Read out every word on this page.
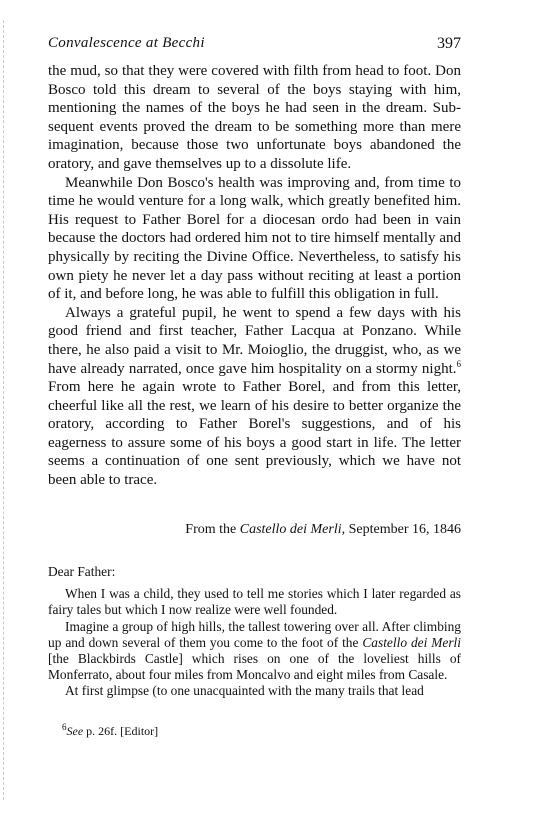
Convalescence at Becchi	397

the mud, so that they were covered with filth from head to foot. Don Bosco told this dream to several of the boys staying with him, mentioning the names of the boys he had seen in the dream. Sub-sequent events proved the dream to be something more than mere imagination, because those two unfortunate boys abandoned the oratory, and gave themselves up to a dissolute life.

Meanwhile Don Bosco's health was improving and, from time to time he would venture for a long walk, which greatly benefited him. His request to Father Borel for a diocesan ordo had been in vain because the doctors had ordered him not to tire himself mentally and physically by reciting the Divine Office. Nevertheless, to satisfy his own piety he never let a day pass without reciting at least a portion of it, and before long, he was able to fulfill this obligation in full.

Always a grateful pupil, he went to spend a few days with his good friend and first teacher, Father Lacqua at Ponzano. While there, he also paid a visit to Mr. Moioglio, the druggist, who, as we have already narrated, once gave him hospitality on a stormy night.$^6$ From here he again wrote to Father Borel, and from this letter, cheerful like all the rest, we learn of his desire to better organize the oratory, according to Father Borel's suggestions, and of his eagerness to assure some of his boys a good start in life. The letter seems a continuation of one sent previously, which we have not been able to trace.

From the Castello dei Merli, September 16, 1846

Dear Father:

When I was a child, they used to tell me stories which I later regarded as fairy tales but which I now realize were well founded.

Imagine a group of high hills, the tallest towering over all. After climbing up and down several of them you come to the foot of the Castello dei Merli [the Blackbirds Castle] which rises on one of the loveliest hills of Monferrato, about four miles from Moncalvo and eight miles from Casale.

At first glimpse (to one unacquainted with the many trails that lead

$^6$See p. 26f. [Editor]
